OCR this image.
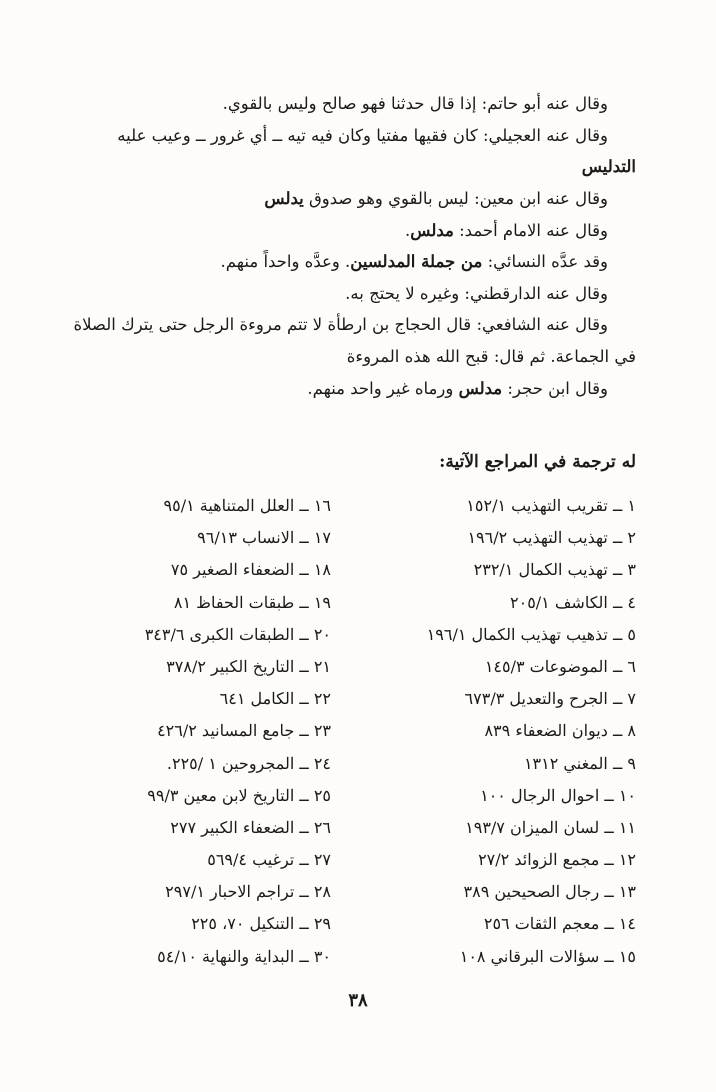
وقال عنه أبو حاتم: إذا قال حدثنا فهو صالح وليس بالقوي.
وقال عنه العجيلي: كان فقيها مفتيا وكان فيه تيه ــ أي غرور ــ وعيب عليه
التدليس
وقال عنه ابن معين: ليس بالقوي وهو صدوق يدلس
وقال عنه الامام أحمد: مدلس.
وقد عدَّه النسائي: من جملة المدلسين. وعدَّه واحداً منهم.
وقال عنه الدارقطني: وغيره لا يحتج به.
وقال عنه الشافعي: قال الحجاج بن ارطأة لا تتم مروءة الرجل حتى يترك الصلاة
في الجماعة. ثم قال: قبح الله هذه المروءة
وقال ابن حجر: مدلس ورماه غير واحد منهم.
له ترجمة في المراجع الآتية:
١ ــ تقريب التهذيب ١٥٢/١
٢ ــ تهذيب التهذيب ١٩٦/٢
٣ ــ تهذيب الكمال ٢٣٢/١
٤ ــ الكاشف ٢٠٥/١
٥ ــ تذهيب تهذيب الكمال ١٩٦/١
٦ ــ الموضوعات ١٤٥/٣
٧ ــ الجرح والتعديل ٦٧٣/٣
٨ ــ ديوان الضعفاء ٨٣٩
٩ ــ المغني ١٣١٢
١٠ ــ احوال الرجال ١٠٠
١١ ــ لسان الميزان ١٩٣/٧
١٢ ــ مجمع الزوائد ٢٧/٢
١٣ ــ رجال الصحيحين ٣٨٩
١٤ ــ معجم الثقات ٢٥٦
١٥ ــ سؤالات البرقاني ١٠٨
١٦ ــ العلل المتناهية ٩٥/١
١٧ ــ الانساب ٩٦/١٣
١٨ ــ الضعفاء الصغير ٧٥
١٩ ــ طبقات الحفاظ ٨١
٢٠ ــ الطبقات الكبرى ٣٤٣/٦
٢١ ــ التاريخ الكبير ٣٧٨/٢
٢٢ ــ الكامل ٦٤١
٢٣ ــ جامع المسانيد ٤٢٦/٢
٢٤ ــ المجروحين ١ /٢٢٥.
٢٥ ــ التاريخ لابن معين ٩٩/٣
٢٦ ــ الضعفاء الكبير ٢٧٧
٢٧ ــ ترغيب ٥٦٩/٤
٢٨ ــ تراجم الاحبار ٢٩٧/١
٢٩ ــ التنكيل ٧٠، ٢٢٥
٣٠ ــ البداية والنهاية ٥٤/١٠
٣٨
